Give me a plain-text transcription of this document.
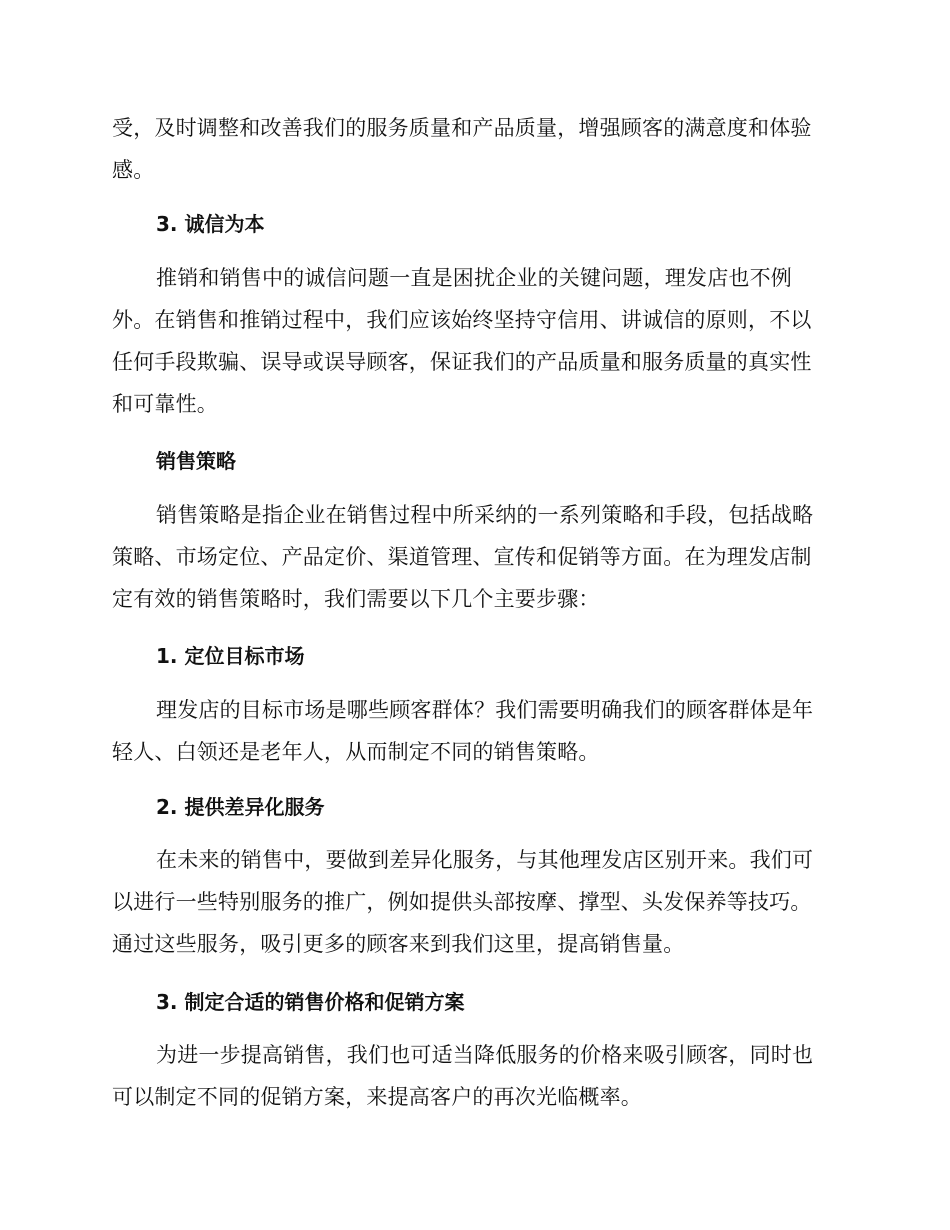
受，及时调整和改善我们的服务质量和产品质量，增强顾客的满意度和体验
感。
3. 诚信为本
推销和销售中的诚信问题一直是困扰企业的关键问题，理发店也不例
外。在销售和推销过程中，我们应该始终坚持守信用、讲诚信的原则，不以
任何手段欺骗、误导或误导顾客，保证我们的产品质量和服务质量的真实性
和可靠性。
销售策略
销售策略是指企业在销售过程中所采纳的一系列策略和手段，包括战略
策略、市场定位、产品定价、渠道管理、宣传和促销等方面。在为理发店制
定有效的销售策略时，我们需要以下几个主要步骤：
1. 定位目标市场
理发店的目标市场是哪些顾客群体？我们需要明确我们的顾客群体是年
轻人、白领还是老年人，从而制定不同的销售策略。
2. 提供差异化服务
在未来的销售中，要做到差异化服务，与其他理发店区别开来。我们可
以进行一些特别服务的推广，例如提供头部按摩、撑型、头发保养等技巧。
通过这些服务，吸引更多的顾客来到我们这里，提高销售量。
3. 制定合适的销售价格和促销方案
为进一步提高销售，我们也可适当降低服务的价格来吸引顾客，同时也
可以制定不同的促销方案，来提高客户的再次光临概率。
